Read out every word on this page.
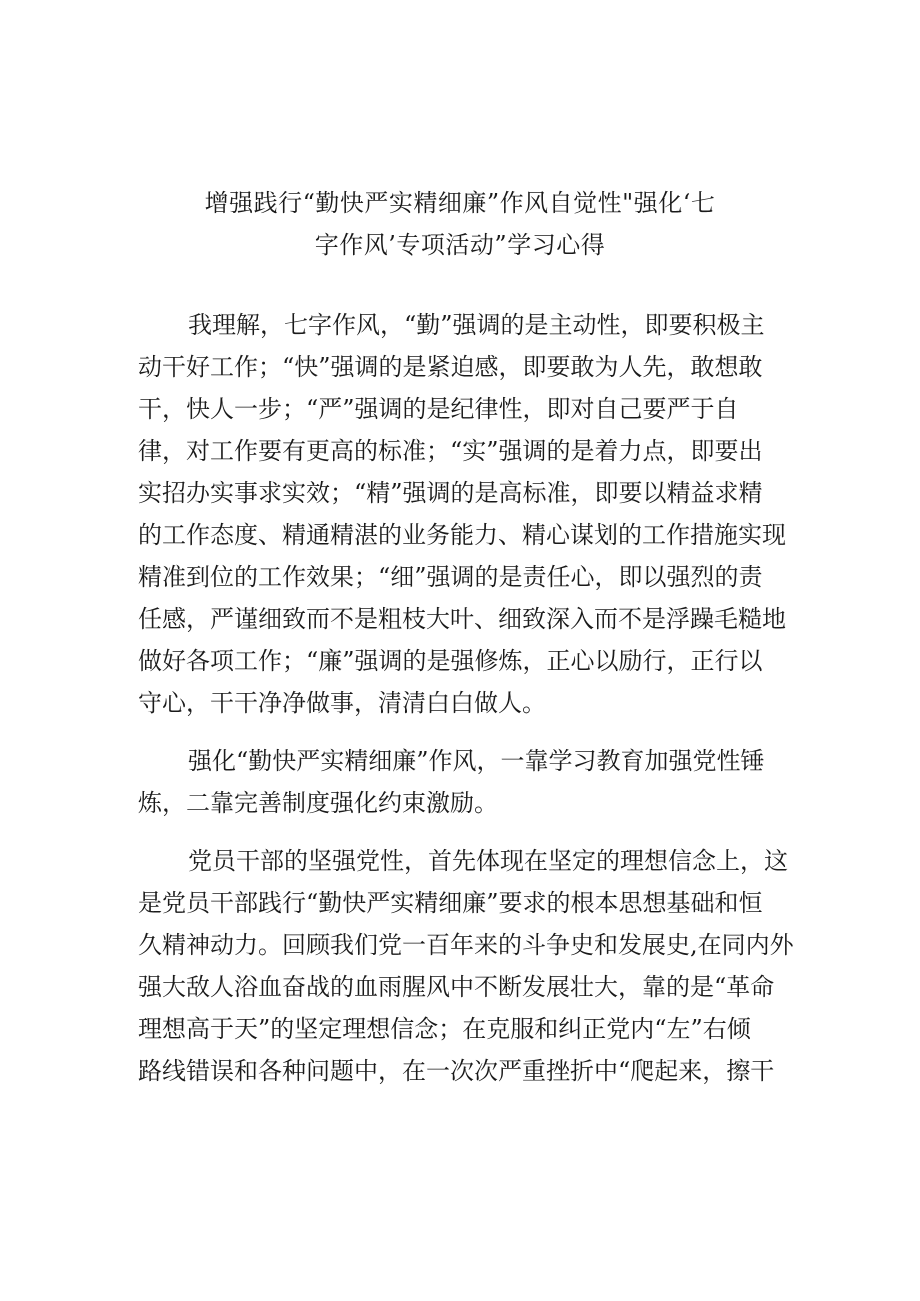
增强践行“勤快严实精细廉”作风自觉性"强化‘七
字作风’专项活动”学习心得
我理解，七字作风，“勤”强调的是主动性，即要积极主
动干好工作；“快”强调的是紧迫感，即要敢为人先，敢想敢
干，快人一步；“严”强调的是纪律性，即对自己要严于自
律，对工作要有更高的标准；“实”强调的是着力点，即要出
实招办实事求实效；“精”强调的是高标准，即要以精益求精
的工作态度、精通精湛的业务能力、精心谋划的工作措施实现
精准到位的工作效果；“细”强调的是责任心，即以强烈的责
任感，严谨细致而不是粗枝大叶、细致深入而不是浮躁毛糙地
做好各项工作；“廉”强调的是强修炼，正心以励行，正行以
守心，干干净净做事，清清白白做人。
强化“勤快严实精细廉”作风，一靠学习教育加强党性锤
炼，二靠完善制度强化约束激励。
党员干部的坚强党性，首先体现在坚定的理想信念上，这
是党员干部践行“勤快严实精细廉”要求的根本思想基础和恒
久精神动力。回顾我们党一百年来的斗争史和发展史,在同内外
强大敌人浴血奋战的血雨腥风中不断发展壮大，靠的是“革命
理想高于天”的坚定理想信念；在克服和纠正党内“左”右倾
路线错误和各种问题中，在一次次严重挫折中“爬起来，擦干
